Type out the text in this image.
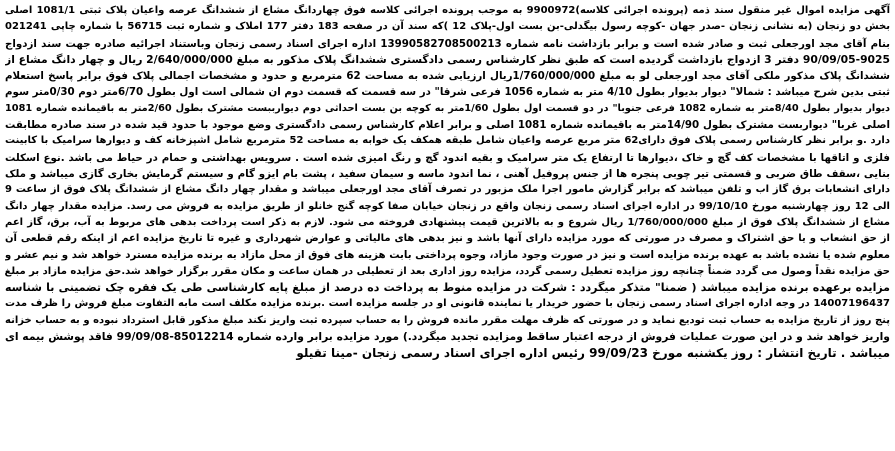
آگهی مزایده اموال غیر منقول سند ذمه (پرونده اجرائی کلاسه)9900972 به موجب پرونده اجرائی کلاسه فوق چهاردانگ مشاع از ششدانگ عرصه واعیان پلاک ثبتی 1081/1 اصلی
بخش دو زنجان (به نشانی زنجان -صدر جهان -کوچه رسول بیگدلی-بن بست اول-پلاک 12 )که سند آن در صفحه 183 دفتر 177 املاک و شماره ثبت 56715 با شماره چاپی 021241
بنام آقای مجد اورجعلی ثبت و صادر شده است و برابر بازداشت نامه شماره 13990582708500213 اداره اجرای اسناد رسمی زنجان وباستناد اجرائیه صادره جهت سند ازدواج
90/09/05-9025 دفتر 3 ازدواج بازداشت گردیده است که طبق نظر کارشناس رسمی دادگستری ششدانگ پلاک مذکور به مبلغ 2/640/000/000 ریال و چهار دانگ مشاع از
ششدانگ پلاک مذکور ملکی آقای مجد اورجعلی لو به مبلغ 1/760/000/000ریال ارزیابی شده به مساحت 62 مترمربع و حدود و مشخصات اجمالی پلاک فوق برابر پاسخ استعلام
ثبتی بدین شرح میباشد : شمالا" دیوار بدیوار بطول 4/10 متر به شماره 1056 فرعی شرقا" در سه قسمت که قسمت دوم ان شمالی است اول بطول 6/70متر دوم 0/30متر سوم
دیوار بدیوار بطول 8/40متر به شماره 1082 فرعی جنوبا" در دو قسمت اول بطول 1/60متر به کوچه بن بست احداثی دوم دیوارببست مشترک بطول 2/60متر به باقیمانده شماره 1081
اصلی غربا" دیواربست مشترک بطول 14/90متر به باقیمانده شماره 1081 اصلی و برابر اعلام کارشناس رسمی دادگستری وضع موجود با حدود قید شده در سند صادره مطابقت
دارد .و برابر نظر کارشناس رسمی پلاک فوق دارای62 متر مربع عرصه واعیان شامل طبقه همکف یک خوابه به مساحت 52 مترمربع شامل اشپزخانه کف و دیوارها سرامیک با کابینت
فلزی و اتاقها با مشخصات کف گچ و خاک ،دیوارها تا ارتفاع یک متر سرامیک و بقیه اندود گچ و رنگ امیزی شده است . سرویس بهداشتی و حمام در حیاط می باشد .نوع اسکلت
بنایی ،سقف طاق ضربی و قسمتی تیر چوبی پنجره ها از جنس پروفیل آهنی ، نما اندود ماسه و سیمان سفید ، پشت بام ایزو گام و سیستم گرمایش بخاری گازی میباشد و ملک
دارای انشعابات برق گاز اب و تلفن میباشد که برابر گزارش مامور اجرا ملک مزبور در تصرف آقای مجد اورجعلی میباشد و مقدار چهار دانگ مشاع از ششدانگ پلاک فوق از ساعت 9
الی 12 روز چهارشنبه مورخ 99/10/10 در اداره اجرای اسناد رسمی زنجان واقع در زنجان خیابان صفا کوچه گنج خانلو از طریق مزایده به فروش می رسد. مزایده مقدار چهار دانگ
مشاع از ششدانگ پلاک فوق از مبلغ 1/760/000/000 ریال شروع و به بالاترین قیمت پیشنهادی فروخته می شود. لازم به ذکر است پرداخت بدهی های مربوط به آب، برق، گاز اعم
از حق انشعاب و یا حق اشتراک و مصرف در صورتی که مورد مزایده دارای آنها باشد و نیز بدهی های مالیاتی و عوارض شهرداری و غیره تا تاریخ مزایده اعم از اینکه رقم قطعی آن
معلوم شده یا نشده باشد به عهده برنده مزایده است و نیز در صورت وجود مازاد، وجوه پرداختی بابت هزینه های فوق از محل مازاد به برنده مزایده مسترد خواهد شد و نیم عشر و
حق مزایده نقداً وصول می گردد ضمناً چنانچه روز مزایده تعطیل رسمی گردد، مزایده روز اداری بعد از تعطیلی در همان ساعت و مکان مقرر برگزار خواهد شد.حق مزایده مازاد بر مبلغ
مزایده برعهده برنده مزایده میباشد ( ضمنا" متذکر میگردد : شرکت در مزایده منوط به پرداخت ده درصد از مبلغ پایه کارشناسی طی یک فقره چک تضمینی با شناسه
14007196437 در وجه اداره اجرای اسناد رسمی زنجان با حضور خریدار یا نماینده قانونی او در جلسه مزایده است .برنده مزایده مکلف است مابه التفاوت مبلغ فروش را ظرف مدت
پنج روز از تاریخ مزایده به حساب ثبت تودیع نماید و در صورتی که ظرف مهلت مقرر مانده فروش را به حساب سپرده ثبت واریز نکند مبلغ مذکور قابل استرداد نبوده و به حساب خزانه
واریز خواهد شد و در این صورت عملیات فروش از درجه اعتبار ساقط ومزایده تجدید میگردد.) مورد مزایده برابر وارده شماره 85012214-99/09/08 فاقد پوشش بیمه ای
میباشد . تاریخ انتشار : روز یکشنبه مورخ 99/09/23 رئیس اداره اجرای اسناد رسمی زنجان -مینا تقیلو
